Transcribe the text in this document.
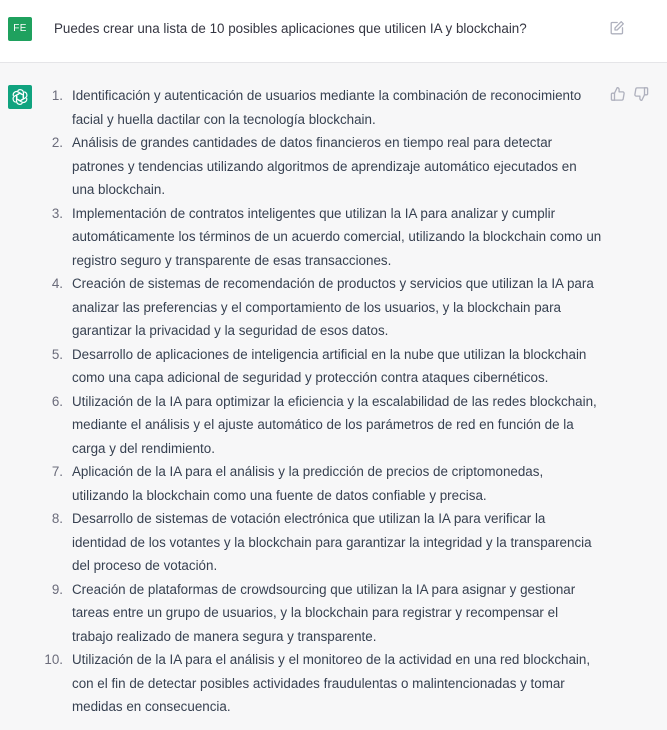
FE	Puedes crear una lista de 10 posibles aplicaciones que utilicen IA y blockchain?
1. Identificación y autenticación de usuarios mediante la combinación de reconocimiento facial y huella dactilar con la tecnología blockchain.
2. Análisis de grandes cantidades de datos financieros en tiempo real para detectar patrones y tendencias utilizando algoritmos de aprendizaje automático ejecutados en una blockchain.
3. Implementación de contratos inteligentes que utilizan la IA para analizar y cumplir automáticamente los términos de un acuerdo comercial, utilizando la blockchain como un registro seguro y transparente de esas transacciones.
4. Creación de sistemas de recomendación de productos y servicios que utilizan la IA para analizar las preferencias y el comportamiento de los usuarios, y la blockchain para garantizar la privacidad y la seguridad de esos datos.
5. Desarrollo de aplicaciones de inteligencia artificial en la nube que utilizan la blockchain como una capa adicional de seguridad y protección contra ataques cibernéticos.
6. Utilización de la IA para optimizar la eficiencia y la escalabilidad de las redes blockchain, mediante el análisis y el ajuste automático de los parámetros de red en función de la carga y del rendimiento.
7. Aplicación de la IA para el análisis y la predicción de precios de criptomonedas, utilizando la blockchain como una fuente de datos confiable y precisa.
8. Desarrollo de sistemas de votación electrónica que utilizan la IA para verificar la identidad de los votantes y la blockchain para garantizar la integridad y la transparencia del proceso de votación.
9. Creación de plataformas de crowdsourcing que utilizan la IA para asignar y gestionar tareas entre un grupo de usuarios, y la blockchain para registrar y recompensar el trabajo realizado de manera segura y transparente.
10. Utilización de la IA para el análisis y el monitoreo de la actividad en una red blockchain, con el fin de detectar posibles actividades fraudulentas o malintencionadas y tomar medidas en consecuencia.
